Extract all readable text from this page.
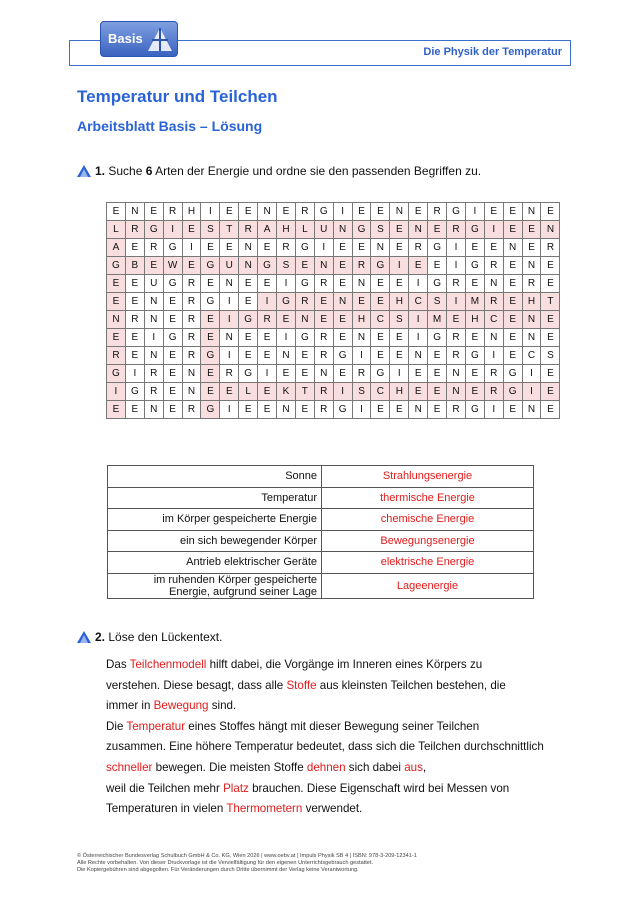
Die Physik der Temperatur
Basis
Temperatur und Teilchen
Arbeitsblatt Basis – Lösung
1. Suche 6 Arten der Energie und ordne sie den passenden Begriffen zu.
E	N	E	R	H	I	E	E	N	E	R	G	I	E	E	N	E	R	G	I	E	E	N	E
L	R	G	I	E	S	T	R	A	H	L	U	N	G	S	E	N	E	R	G	I	E	E	N
A	E	R	G	I	E	E	N	E	R	G	I	E	E	N	E	R	G	I	E	E	N	E	R
G	B	E	W	E	G	U	N	G	S	E	N	E	R	G	I	E	E	I	G	R	E	N	E
E	E	U	G	R	E	N	E	E	I	G	R	E	N	E	E	I	G	R	E	N	E	R	E
E	E	N	E	R	G	I	E	I	G	R	E	N	E	E	H	C	S	I	M	R	E	H	T
N	R	N	E	R	E	I	G	R	E	N	E	E	H	C	S	I	M	E	H	C	E	N	E
E	E	I	G	R	E	N	E	E	I	G	R	E	N	E	E	I	G	R	E	N	E	N	E
R	E	N	E	R	G	I	E	E	N	E	R	G	I	E	E	N	E	R	G	I	E	C	S
G	I	R	E	N	E	R	G	I	E	E	N	E	R	G	I	E	E	N	E	R	G	I	E
I	G	R	E	N	E	E	L	E	K	T	R	I	S	C	H	E	E	N	E	R	G	I	E
E	E	N	E	R	G	I	E	E	N	E	R	G	I	E	E	N	E	R	G	I	E	N	E
Sonne	Strahlungsenergie
Temperatur	thermische Energie
im Körper gespeicherte Energie	chemische Energie
ein sich bewegender Körper	Bewegungsenergie
Antrieb elektrischer Geräte	elektrische Energie
im ruhenden Körper gespeicherte
Energie, aufgrund seiner Lage	Lageenergie
2. Löse den Lückentext.
Das Teilchenmodell hilft dabei, die Vorgänge im Inneren eines Körpers zu
verstehen. Diese besagt, dass alle Stoffe aus kleinsten Teilchen bestehen, die
immer in Bewegung sind.
Die Temperatur eines Stoffes hängt mit dieser Bewegung seiner Teilchen
zusammen. Eine höhere Temperatur bedeutet, dass sich die Teilchen durchschnittlich
schneller bewegen. Die meisten Stoffe dehnen sich dabei aus,
weil die Teilchen mehr Platz brauchen. Diese Eigenschaft wird bei Messen von
Temperaturen in vielen Thermometern verwendet.
© Österreichischer Bundesverlag Schulbuch GmbH & Co. KG, Wien 2026 | www.oebv.at | Impuls Physik SB 4 | ISBN: 978-3-209-12341-1
Alle Rechte vorbehalten. Von dieser Druckvorlage ist die Vervielfältigung für den eigenen Unterrichtsgebrauch gestattet.
Die Kopiergebühren sind abgegolten. Für Veränderungen durch Dritte übernimmt der Verlag keine Verantwortung.
